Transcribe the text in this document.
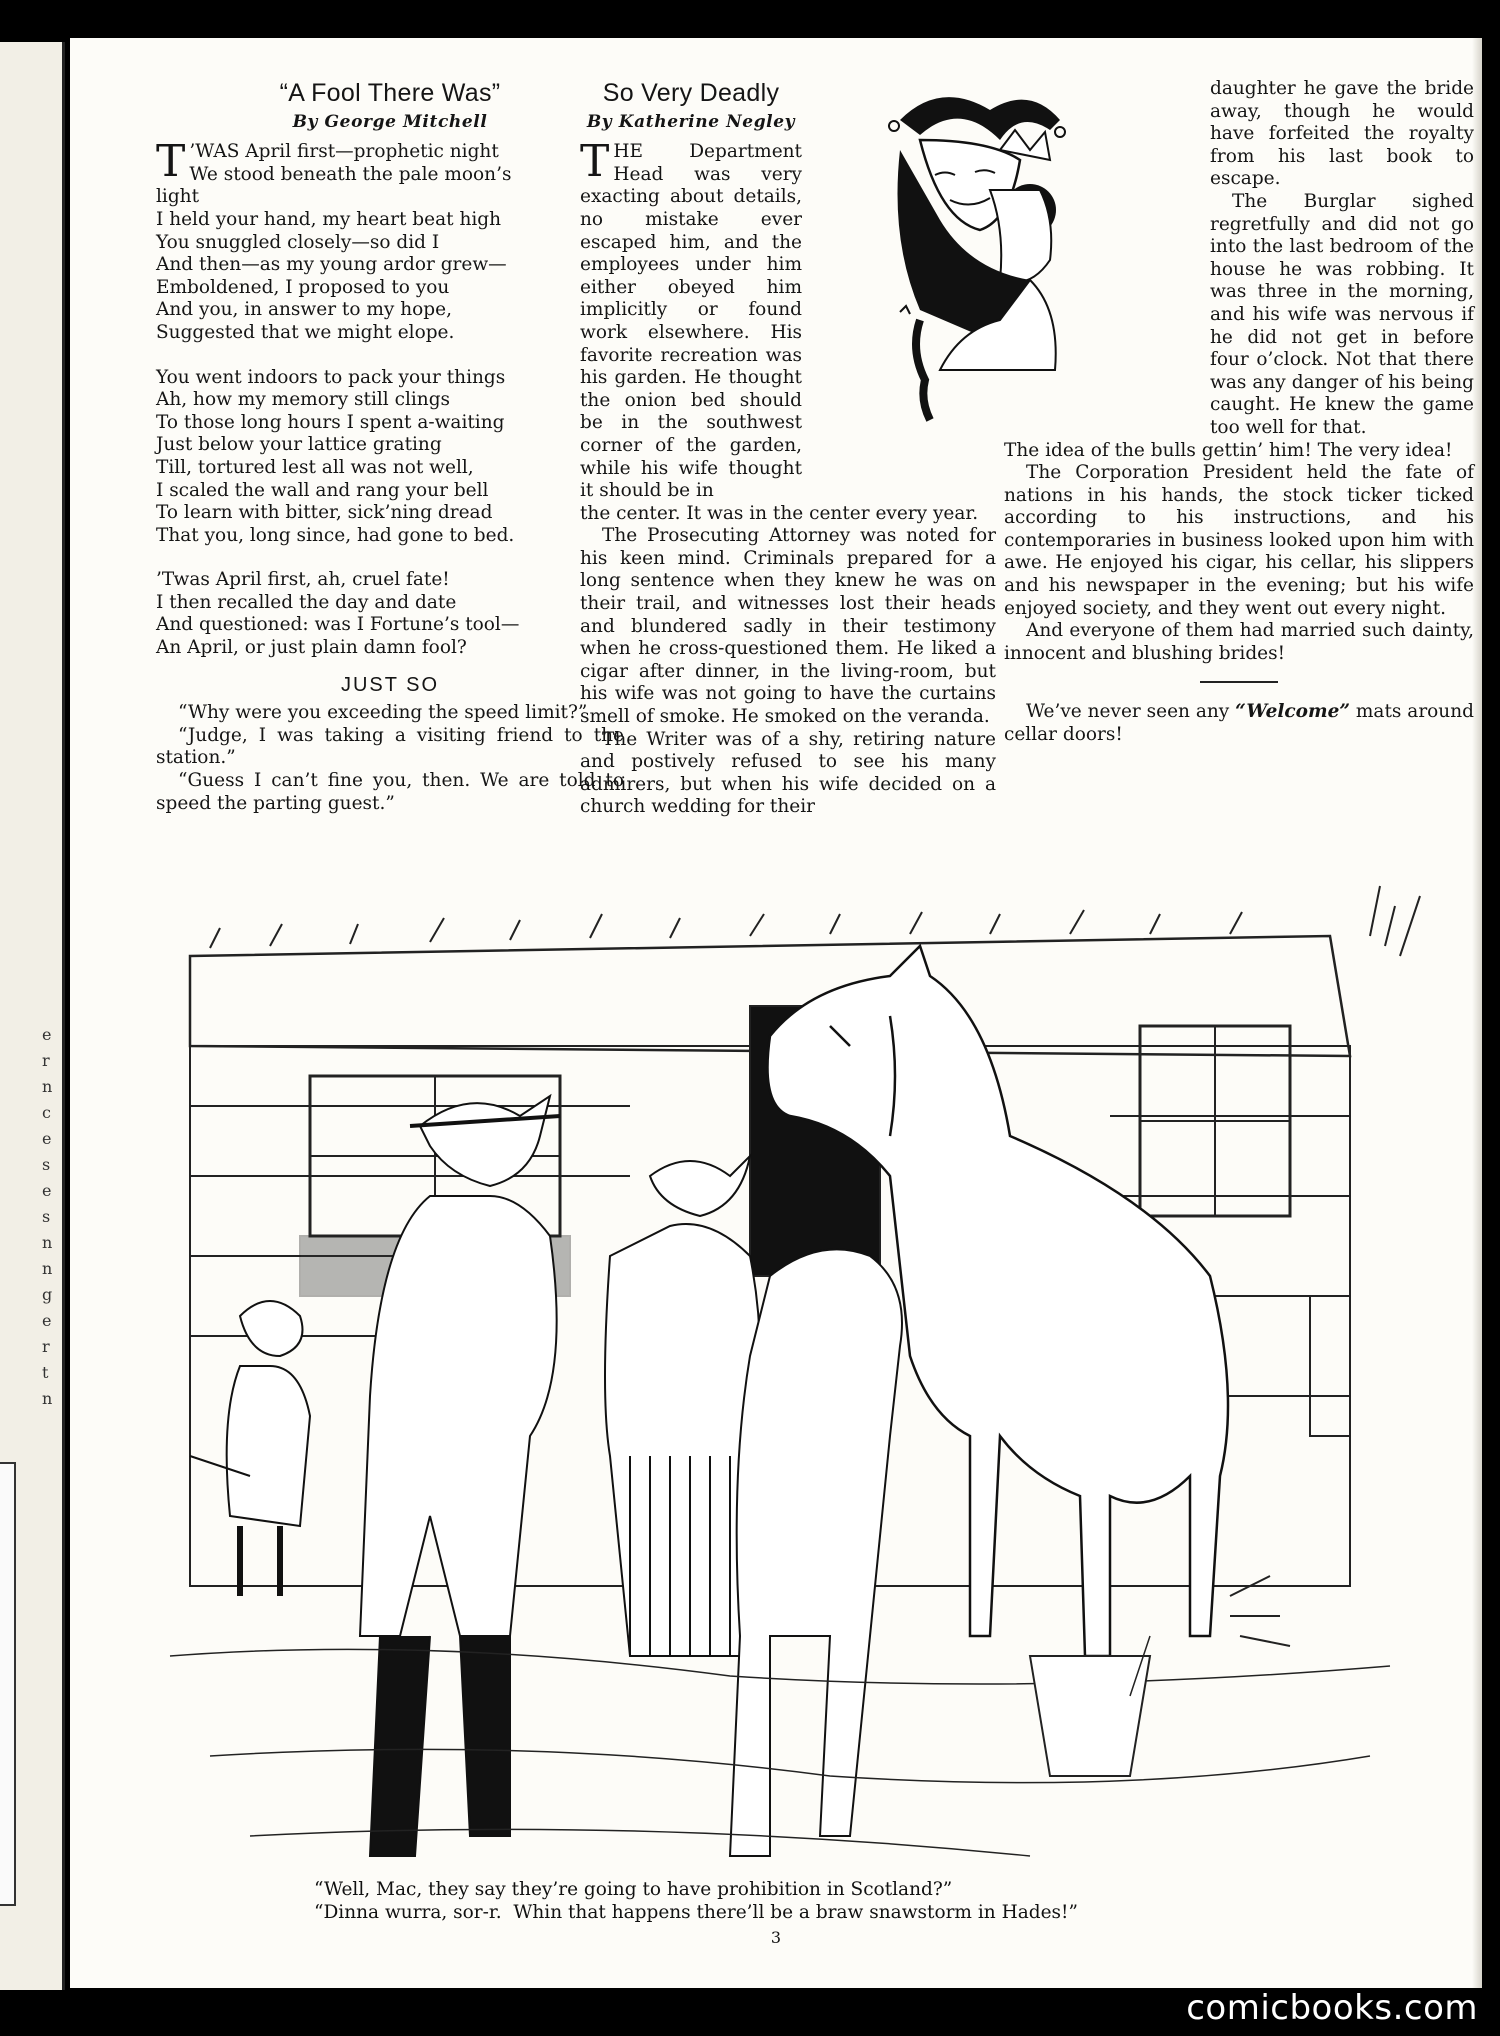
e
r
n
c
e
s
e
s
n
n
g
e
r
t
n
“A Fool There Was”
By George Mitchell
’
T WAS April first—prophetic night
We stood beneath the pale moon’s
light
I held your hand, my heart beat high
You snuggled closely—so did I
And then—as my young ardor grew—
Emboldened, I proposed to you
And you, in answer to my hope,
Suggested that we might elope.
You went indoors to pack your things
Ah, how my memory still clings
To those long hours I spent a-waiting
Just below your lattice grating
Till, tortured lest all was not well,
I scaled the wall and rang your bell
To learn with bitter, sick’ning dread
That you, long since, had gone to bed.
’Twas April first, ah, cruel fate!
I then recalled the day and date
And questioned: was I Fortune’s tool—
An April, or just plain damn fool?
JUST SO

“Why were you exceeding the speed limit?”

“Judge, I was taking a visiting friend to the station.”

“Guess I can’t fine you, then. We are told to speed the parting guest.”

So Very Deadly
By Katherine Negley

THE Department Head was very exacting about details, no mistake ever escaped him, and the employees under him either obeyed him implicitly or found work elsewhere. His favorite recreation was his garden. He thought the onion bed should be in the southwest corner of the garden, while his wife thought it should be in

the center. It was in the center every year.

The Prosecuting Attorney was noted for his keen mind. Criminals prepared for a long sentence when they knew he was on their trail, and witnesses lost their heads and blundered sadly in their testimony when he cross-questioned them. He liked a cigar after dinner, in the living-room, but his wife was not going to have the curtains smell of smoke. He smoked on the veranda.

The Writer was of a shy, retiring nature and postively refused to see his many admirers, but when his wife decided on a church wedding for their

daughter he gave the bride away, though he would have forfeited the royalty from his last book to escape.

The Burglar sighed regretfully and did not go into the last bedroom of the house he was robbing. It was three in the morning, and his wife was nervous if he did not get in before four o’clock. Not that there was any danger of his being caught. He knew the game too well for that.

The idea of the bulls gettin’ him! The very idea!

The Corporation President held the fate of nations in his hands, the stock ticker ticked according to his instructions, and his contemporaries in business looked upon him with awe. He enjoyed his cigar, his cellar, his slippers and his newspaper in the evening; but his wife enjoyed society, and they went out every night.

And everyone of them had married such dainty, innocent and blushing brides!

We’ve never seen any “Welcome” mats around cellar doors!

“Well, Mac, they say they’re going to have prohibition in Scotland?”
“Dinna wurra, sor-r.  Whin that happens there’ll be a braw snawstorm in Hades!”
3
comicbooks.com
